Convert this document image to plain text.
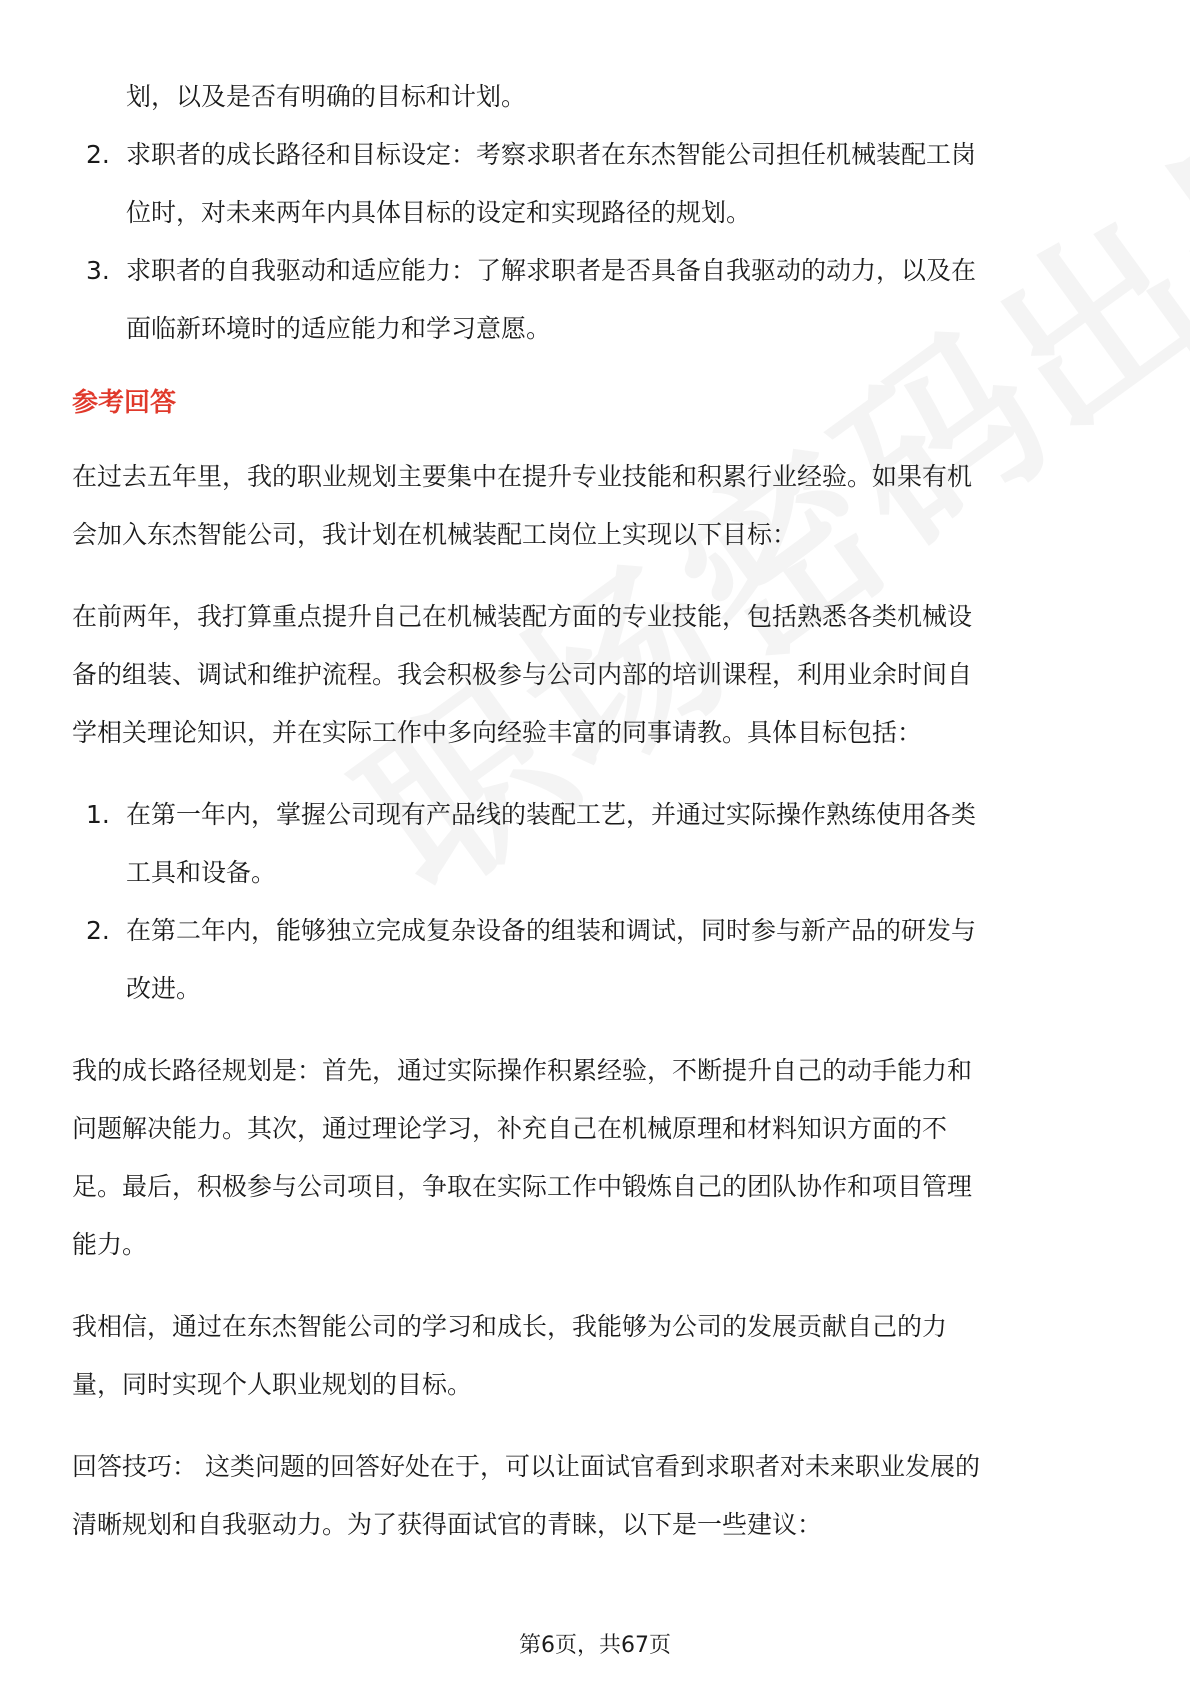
划，以及是否有明确的目标和计划。
2. 求职者的成长路径和目标设定：考察求职者在东杰智能公司担任机械装配工岗
位时，对未来两年内具体目标的设定和实现路径的规划。
3. 求职者的自我驱动和适应能力：了解求职者是否具备自我驱动的动力，以及在
面临新环境时的适应能力和学习意愿。
参考回答
在过去五年里，我的职业规划主要集中在提升专业技能和积累行业经验。如果有机
会加入东杰智能公司，我计划在机械装配工岗位上实现以下目标：
在前两年，我打算重点提升自己在机械装配方面的专业技能，包括熟悉各类机械设
备的组装、调试和维护流程。我会积极参与公司内部的培训课程，利用业余时间自
学相关理论知识，并在实际工作中多向经验丰富的同事请教。具体目标包括：
1. 在第一年内，掌握公司现有产品线的装配工艺，并通过实际操作熟练使用各类
工具和设备。
2. 在第二年内，能够独立完成复杂设备的组装和调试，同时参与新产品的研发与
改进。
我的成长路径规划是：首先，通过实际操作积累经验，不断提升自己的动手能力和
问题解决能力。其次，通过理论学习，补充自己在机械原理和材料知识方面的不
足。最后，积极参与公司项目，争取在实际工作中锻炼自己的团队协作和项目管理
能力。
我相信，通过在东杰智能公司的学习和成长，我能够为公司的发展贡献自己的力
量，同时实现个人职业规划的目标。
回答技巧： 这类问题的回答好处在于，可以让面试官看到求职者对未来职业发展的
清晰规划和自我驱动力。为了获得面试官的青睐，以下是一些建议：
第6页，共67页
